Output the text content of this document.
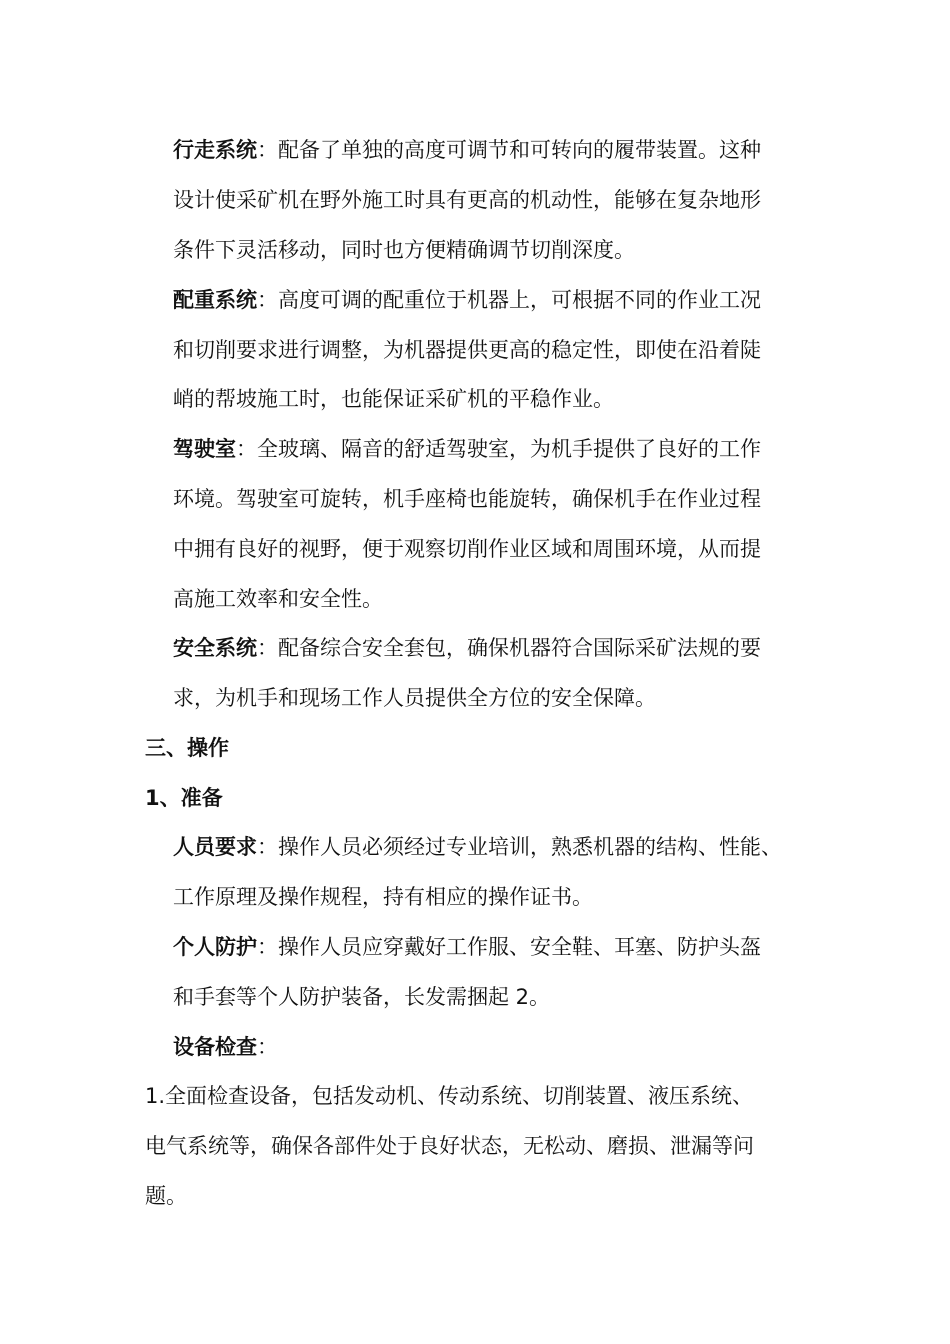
行走系统：配备了单独的高度可调节和可转向的履带装置。这种
设计使采矿机在野外施工时具有更高的机动性，能够在复杂地形
条件下灵活移动，同时也方便精确调节切削深度。
配重系统：高度可调的配重位于机器上，可根据不同的作业工况
和切削要求进行调整，为机器提供更高的稳定性，即使在沿着陡
峭的帮坡施工时，也能保证采矿机的平稳作业。
驾驶室：全玻璃、隔音的舒适驾驶室，为机手提供了良好的工作
环境。驾驶室可旋转，机手座椅也能旋转，确保机手在作业过程
中拥有良好的视野，便于观察切削作业区域和周围环境，从而提
高施工效率和安全性。
安全系统：配备综合安全套包，确保机器符合国际采矿法规的要
求，为机手和现场工作人员提供全方位的安全保障。
三、操作
1、准备
人员要求：操作人员必须经过专业培训，熟悉机器的结构、性能、
工作原理及操作规程，持有相应的操作证书。
个人防护：操作人员应穿戴好工作服、安全鞋、耳塞、防护头盔
和手套等个人防护装备，长发需捆起 2。
设备检查：
1.全面检查设备，包括发动机、传动系统、切削装置、液压系统、
电气系统等，确保各部件处于良好状态，无松动、磨损、泄漏等问
题。
